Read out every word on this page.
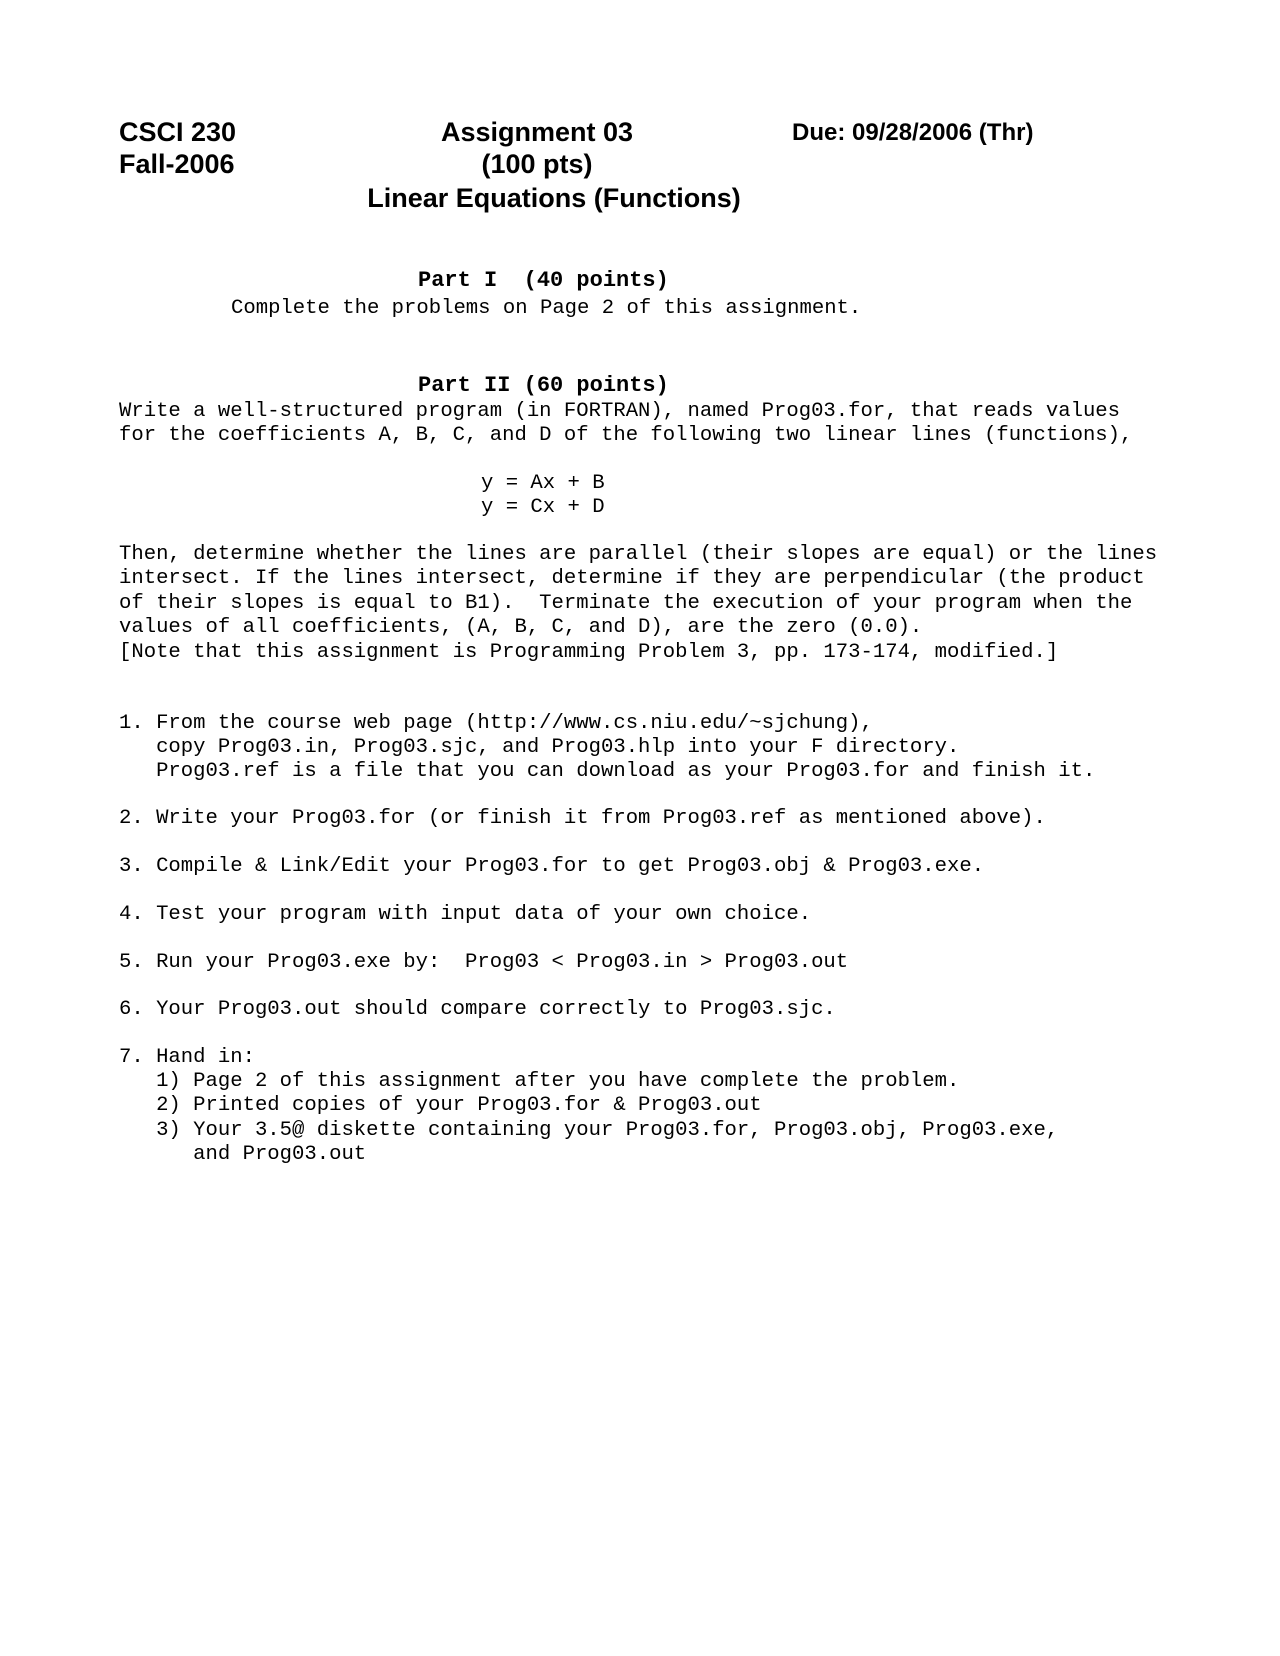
CSCI 230
Fall-2006
Assignment 03
(100 pts)
Linear Equations (Functions)
Due: 09/28/2006 (Thr)
Part I  (40 points)
Complete the problems on Page 2 of this assignment.
Part II (60 points)
Write a well-structured program (in FORTRAN), named Prog03.for, that reads values
for the coefficients A, B, C, and D of the following two linear lines (functions),
y = Ax + B
y = Cx + D
Then, determine whether the lines are parallel (their slopes are equal) or the lines
intersect. If the lines intersect, determine if they are perpendicular (the product
of their slopes is equal to B1).  Terminate the execution of your program when the
values of all coefficients, (A, B, C, and D), are the zero (0.0).
[Note that this assignment is Programming Problem 3, pp. 173-174, modified.]
1. From the course web page (http://www.cs.niu.edu/~sjchung),
copy Prog03.in, Prog03.sjc, and Prog03.hlp into your F directory.
Prog03.ref is a file that you can download as your Prog03.for and finish it.
2. Write your Prog03.for (or finish it from Prog03.ref as mentioned above).
3. Compile & Link/Edit your Prog03.for to get Prog03.obj & Prog03.exe.
4. Test your program with input data of your own choice.
5. Run your Prog03.exe by:  Prog03 < Prog03.in > Prog03.out
6. Your Prog03.out should compare correctly to Prog03.sjc.
7. Hand in:
1) Page 2 of this assignment after you have complete the problem.
2) Printed copies of your Prog03.for & Prog03.out
3) Your 3.5@ diskette containing your Prog03.for, Prog03.obj, Prog03.exe,
and Prog03.out
